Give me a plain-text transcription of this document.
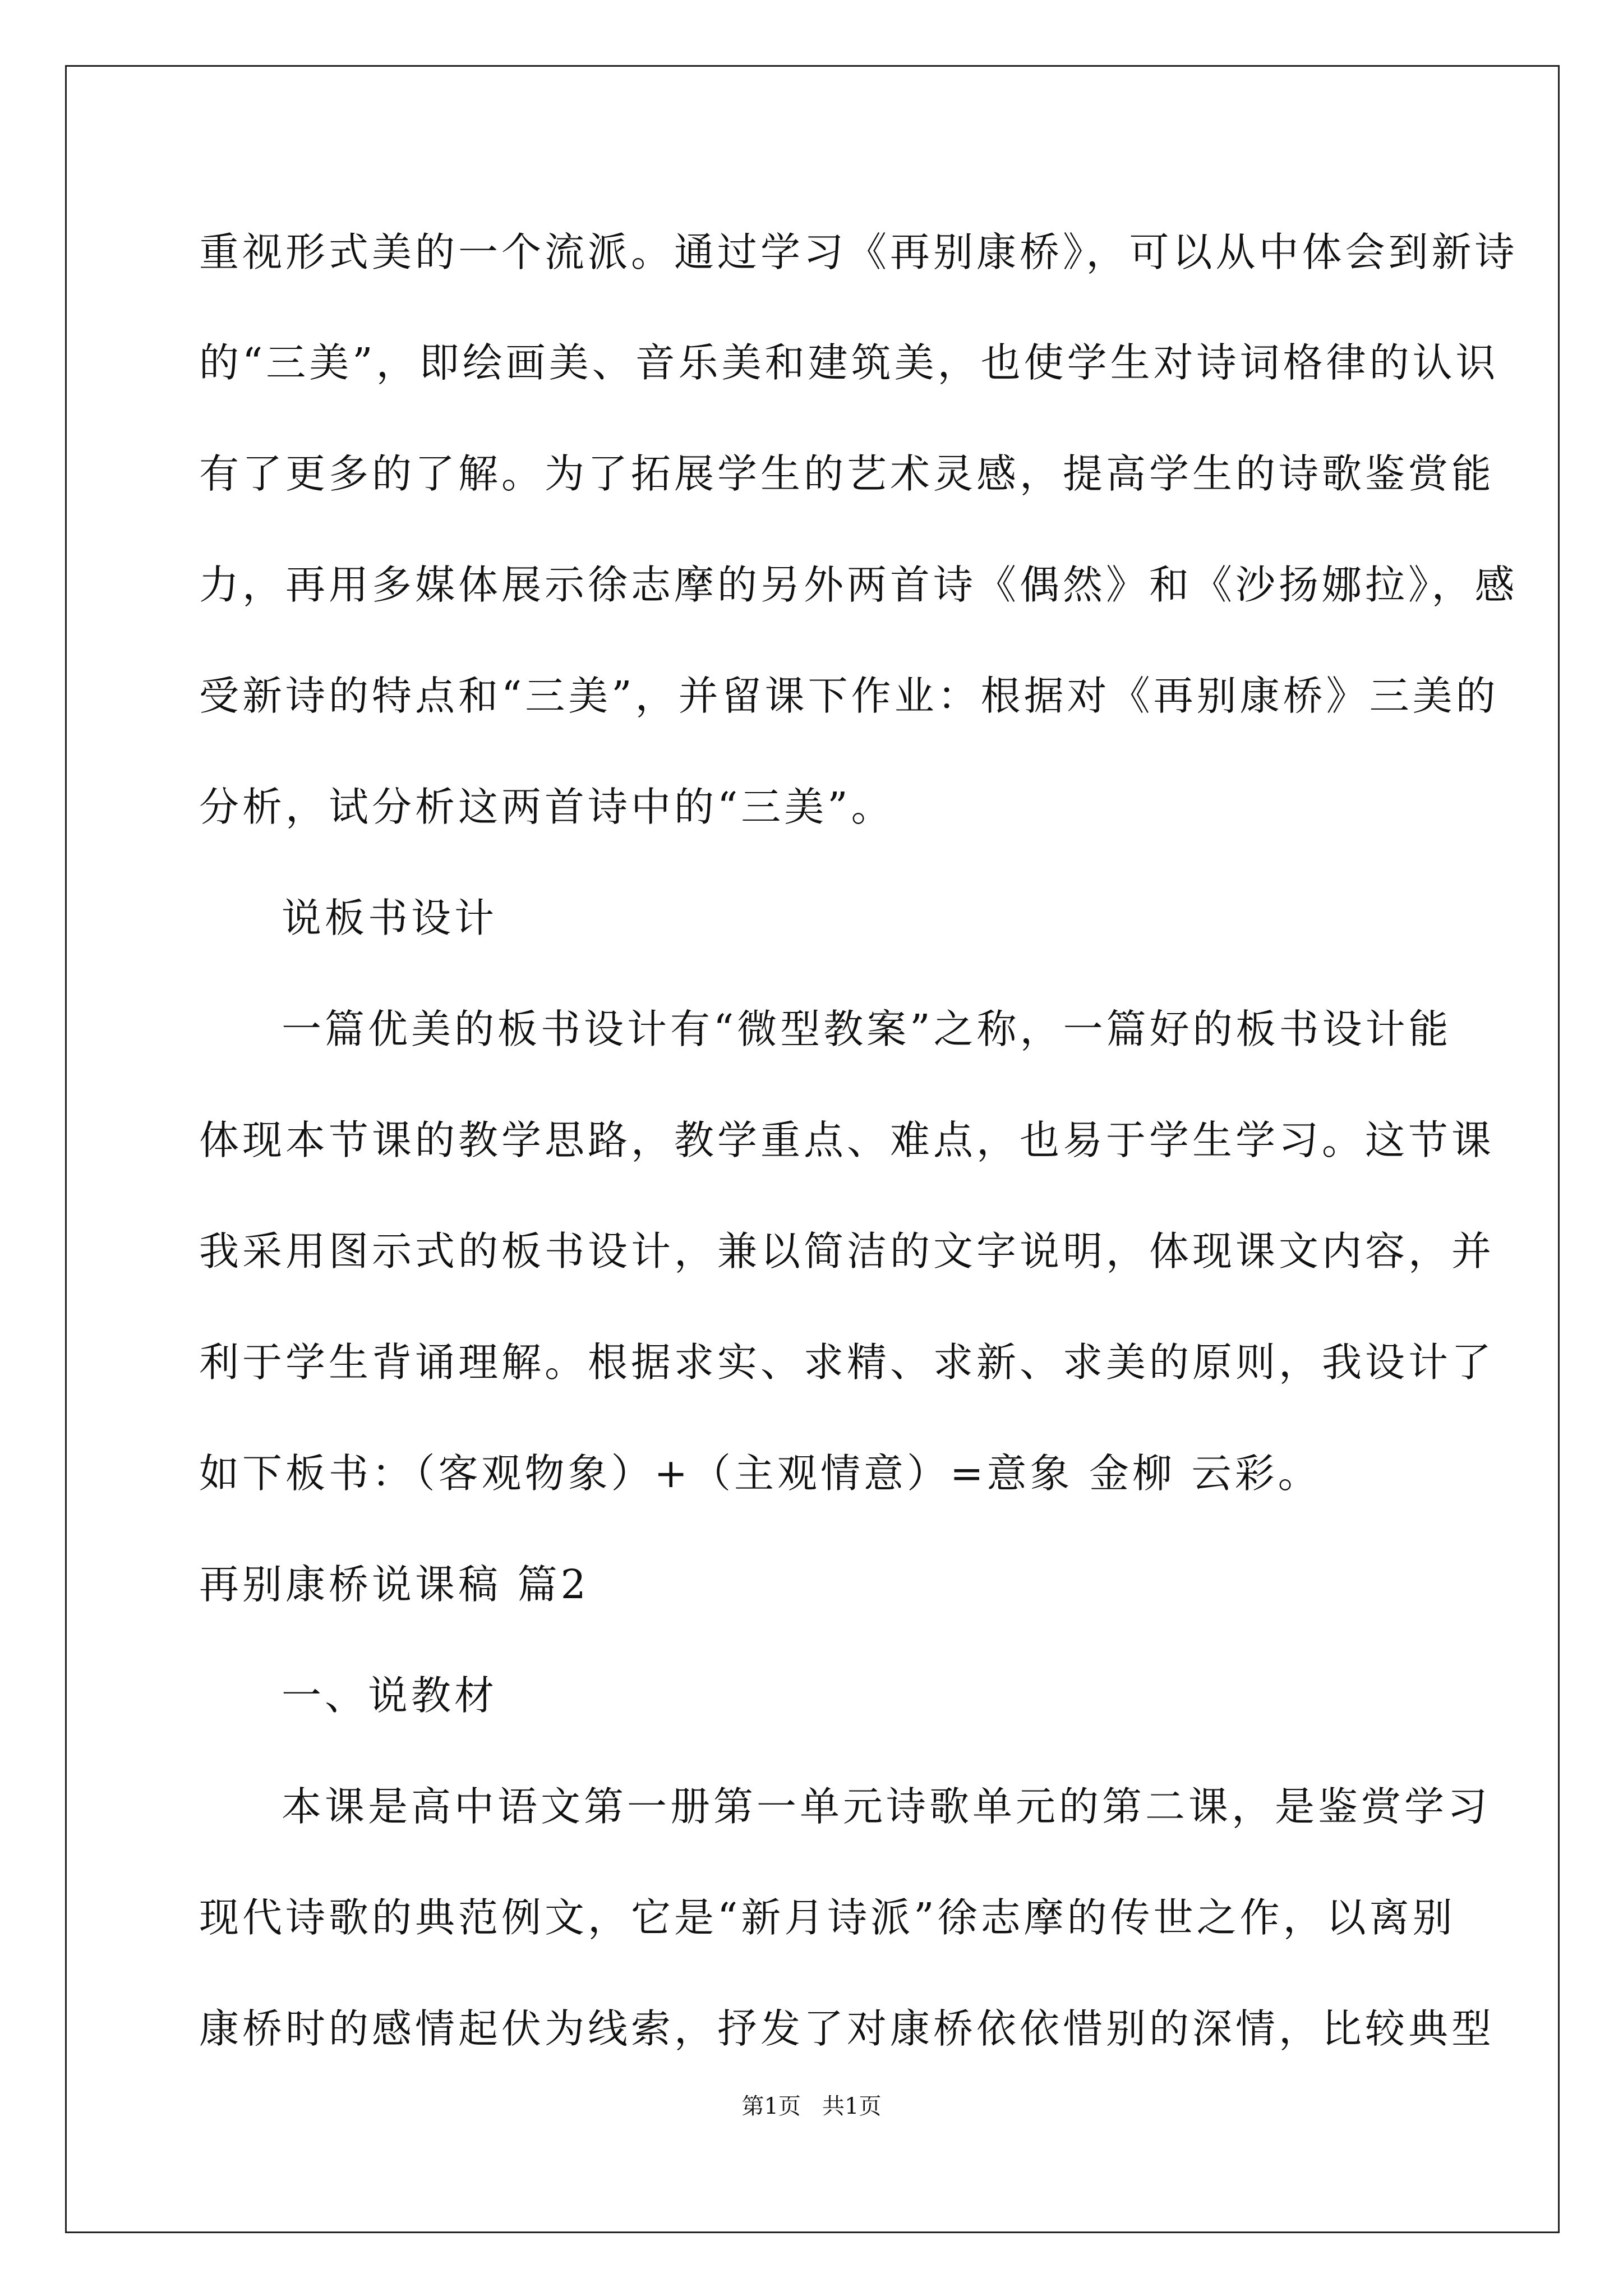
重视形式美的一个流派。通过学习《再别康桥》，可以从中体会到新诗
的“三美”，即绘画美、音乐美和建筑美，也使学生对诗词格律的认识
有了更多的了解。为了拓展学生的艺术灵感，提高学生的诗歌鉴赏能
力，再用多媒体展示徐志摩的另外两首诗《偶然》和《沙扬娜拉》，感
受新诗的特点和“三美”，并留课下作业：根据对《再别康桥》三美的
分析，试分析这两首诗中的“三美”。
说板书设计
一篇优美的板书设计有“微型教案”之称，一篇好的板书设计能
体现本节课的教学思路，教学重点、难点，也易于学生学习。这节课
我采用图示式的板书设计，兼以简洁的文字说明，体现课文内容，并
利于学生背诵理解。根据求实、求精、求新、求美的原则，我设计了
如下板书：（客观物象）+（主观情意）=意象 金柳 云彩。
再别康桥说课稿 篇2
一、说教材
本课是高中语文第一册第一单元诗歌单元的第二课，是鉴赏学习
现代诗歌的典范例文，它是“新月诗派”徐志摩的传世之作，以离别
康桥时的感情起伏为线索，抒发了对康桥依依惜别的深情，比较典型
第1页   共1页
